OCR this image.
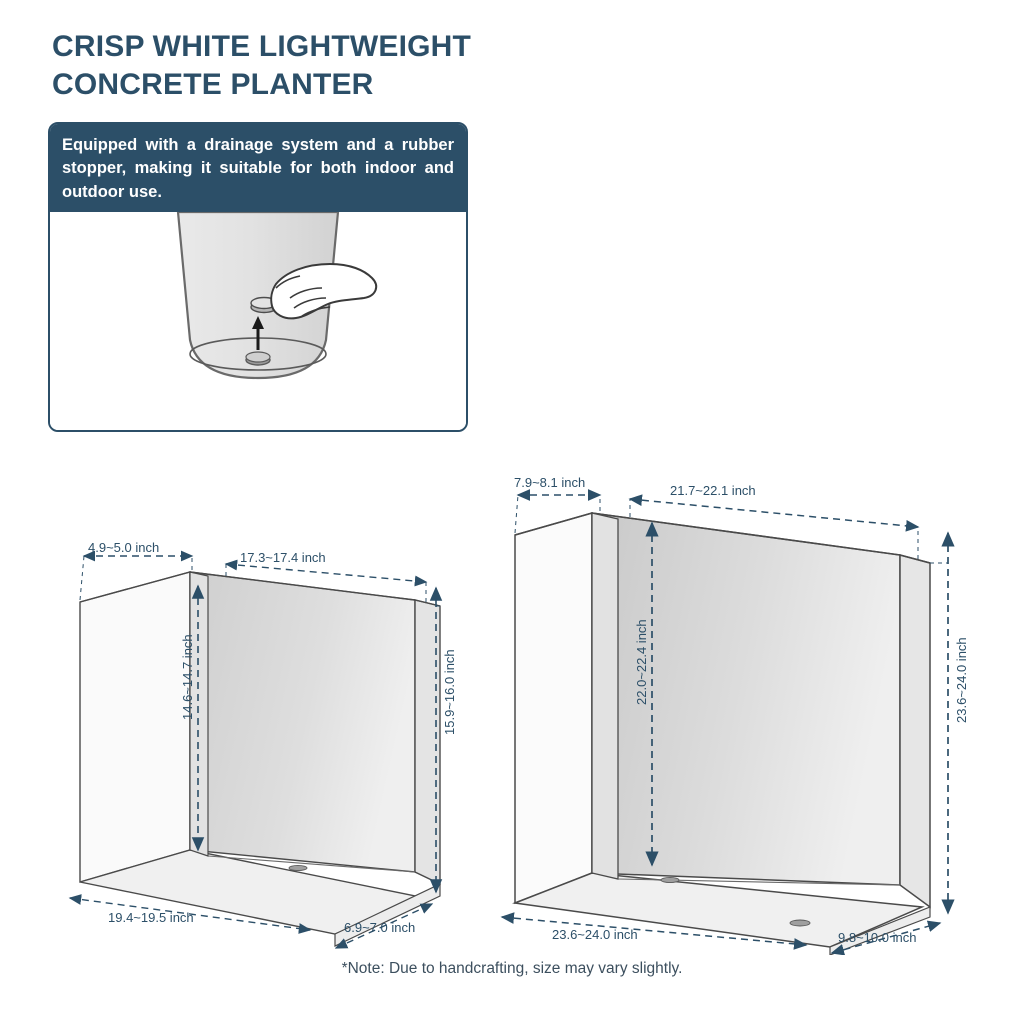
CRISP WHITE LIGHTWEIGHT
CONCRETE PLANTER
Equipped with a drainage system and a rubber stopper, making it suitable for both indoor and outdoor use.
4.9~5.0 inch
17.3~17.4 inch
14.6~14.7 inch	15.9~16.0 inch
19.4~19.5 inch
6.9~7.0 inch
7.9~8.1 inch
21.7~22.1 inch
22.0~22.4 inch	23.6~24.0 inch
23.6~24.0 inch	9.8~10.0 inch
*Note: Due to handcrafting, size may vary slightly.
